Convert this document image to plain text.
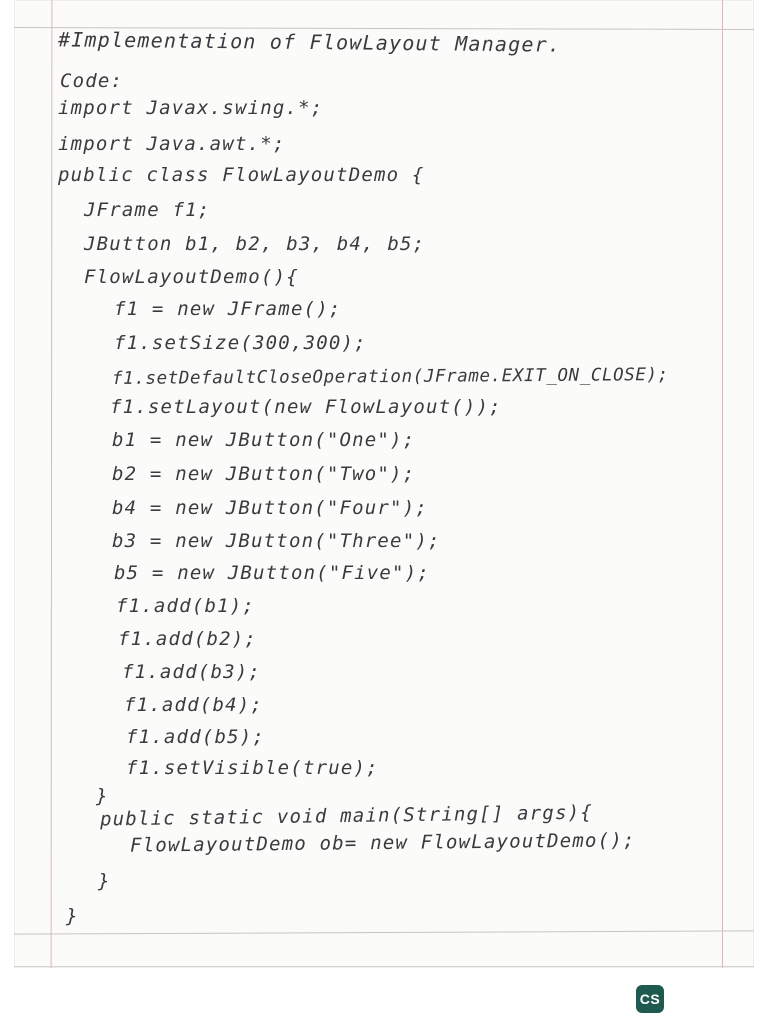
#Implementation of FlowLayout Manager.
Code:
import Javax.swing.*;
import Java.awt.*;
public class FlowLayoutDemo {
JFrame f1;
JButton b1, b2, b3, b4, b5;
FlowLayoutDemo(){
f1 = new JFrame();
f1.setSize(300,300);
f1.setDefaultCloseOperation(JFrame.EXIT_ON_CLOSE);
f1.setLayout(new FlowLayout());
b1 = new JButton("One");
b2 = new JButton("Two");
b4 = new JButton("Four");
b3 = new JButton("Three");
b5 = new JButton("Five");
f1.add(b1);
f1.add(b2);
f1.add(b3);
f1.add(b4);
f1.add(b5);
f1.setVisible(true);
}
public static void main(String[] args){
FlowLayoutDemo ob= new FlowLayoutDemo();
}
}
CS
